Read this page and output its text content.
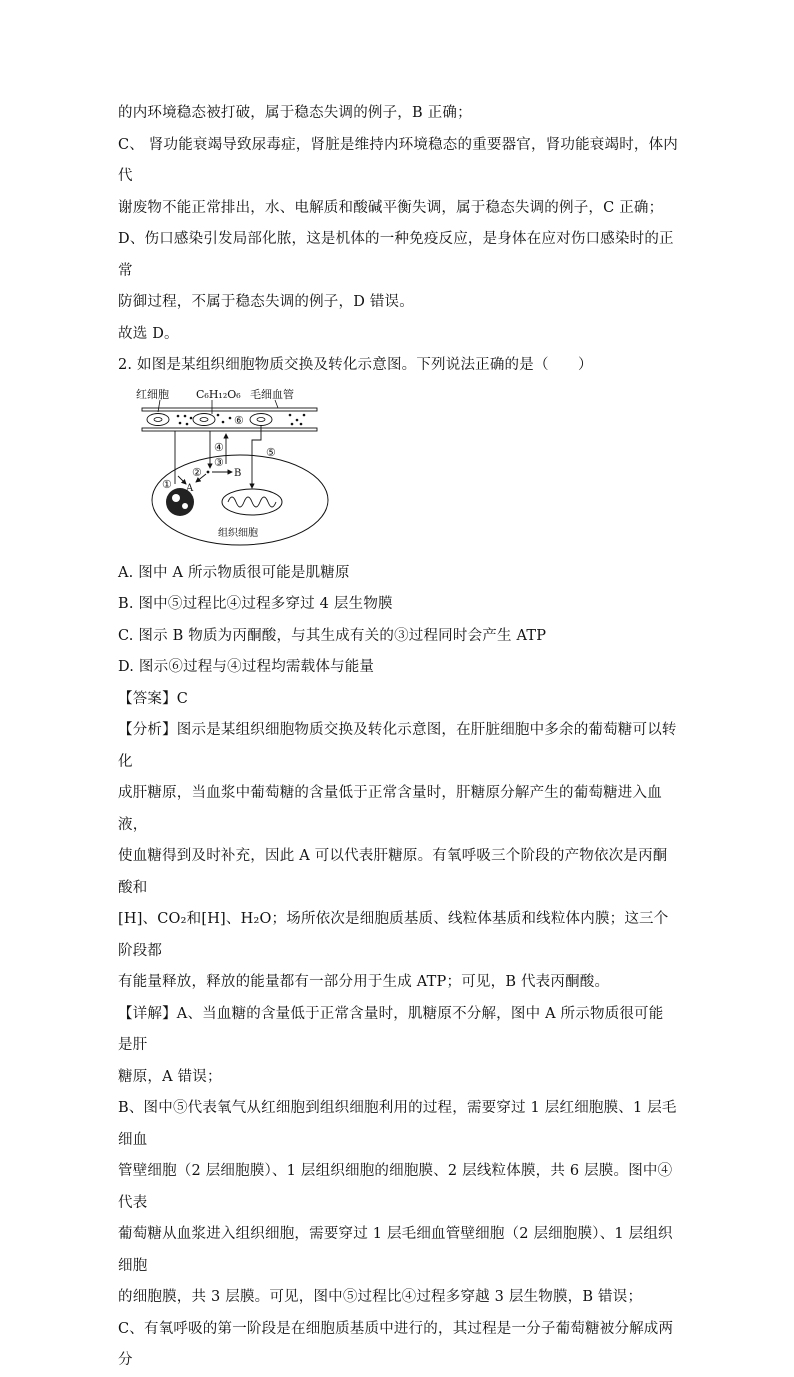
的内环境稳态被打破，属于稳态失调的例子，B 正确；

C、 肾功能衰竭导致尿毒症，肾脏是维持内环境稳态的重要器官，肾功能衰竭时，体内代

谢废物不能正常排出，水、电解质和酸碱平衡失调，属于稳态失调的例子，C 正确；

D、伤口感染引发局部化脓，这是机体的一种免疫反应，是身体在应对伤口感染时的正常

防御过程，不属于稳态失调的例子，D 错误。

故选 D。

2. 如图是某组织细胞物质交换及转化示意图。下列说法正确的是（　　）

红细胞 C₆H₁₂O₆ 毛细血管
⑥
组织细胞
① A
②	B
③
④	⑤

A. 图中 A 所示物质很可能是肌糖原

B. 图中⑤过程比④过程多穿过 4 层生物膜

C. 图示 B 物质为丙酮酸，与其生成有关的③过程同时会产生 ATP

D. 图示⑥过程与④过程均需载体与能量

【答案】C

【分析】图示是某组织细胞物质交换及转化示意图，在肝脏细胞中多余的葡萄糖可以转化

成肝糖原，当血浆中葡萄糖的含量低于正常含量时，肝糖原分解产生的葡萄糖进入血液，

使血糖得到及时补充，因此 A 可以代表肝糖原。有氧呼吸三个阶段的产物依次是丙酮酸和

[H]、CO₂和[H]、H₂O；场所依次是细胞质基质、线粒体基质和线粒体内膜；这三个阶段都

有能量释放，释放的能量都有一部分用于生成 ATP；可见，B 代表丙酮酸。

【详解】A、当血糖的含量低于正常含量时，肌糖原不分解，图中 A 所示物质很可能是肝

糖原，A 错误；

B、图中⑤代表氧气从红细胞到组织细胞利用的过程，需要穿过 1 层红细胞膜、1 层毛细血

管壁细胞（2 层细胞膜）、1 层组织细胞的细胞膜、2 层线粒体膜，共 6 层膜。图中④代表

葡萄糖从血浆进入组织细胞，需要穿过 1 层毛细血管壁细胞（2 层细胞膜）、1 层组织细胞

的细胞膜，共 3 层膜。可见，图中⑤过程比④过程多穿越 3 层生物膜，B 错误；

C、有氧呼吸的第一阶段是在细胞质基质中进行的，其过程是一分子葡萄糖被分解成两分
